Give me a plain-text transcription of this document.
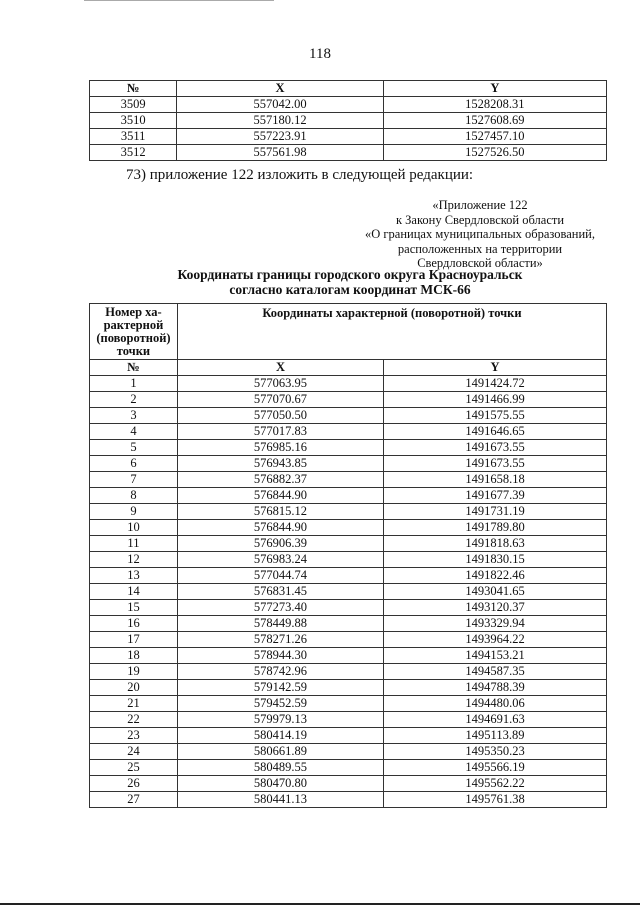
118
№	X	Y
3509	557042.00	1528208.31
3510	557180.12	1527608.69
3511	557223.91	1527457.10
3512	557561.98	1527526.50
73) приложение 122 изложить в следующей редакции:
«Приложение 122
к Закону Свердловской области
«О границах муниципальных образований,
расположенных на территории
Свердловской области»
Координаты границы городского округа Красноуральск
согласно каталогам координат МСК-66
Номер ха-рактерной (поворотной) точки	Координаты характерной (поворотной) точки	
№	X	Y
1	577063.95	1491424.72
2	577070.67	1491466.99
3	577050.50	1491575.55
4	577017.83	1491646.65
5	576985.16	1491673.55
6	576943.85	1491673.55
7	576882.37	1491658.18
8	576844.90	1491677.39
9	576815.12	1491731.19
10	576844.90	1491789.80
11	576906.39	1491818.63
12	576983.24	1491830.15
13	577044.74	1491822.46
14	576831.45	1493041.65
15	577273.40	1493120.37
16	578449.88	1493329.94
17	578271.26	1493964.22
18	578944.30	1494153.21
19	578742.96	1494587.35
20	579142.59	1494788.39
21	579452.59	1494480.06
22	579979.13	1494691.63
23	580414.19	1495113.89
24	580661.89	1495350.23
25	580489.55	1495566.19
26	580470.80	1495562.22
27	580441.13	1495761.38
